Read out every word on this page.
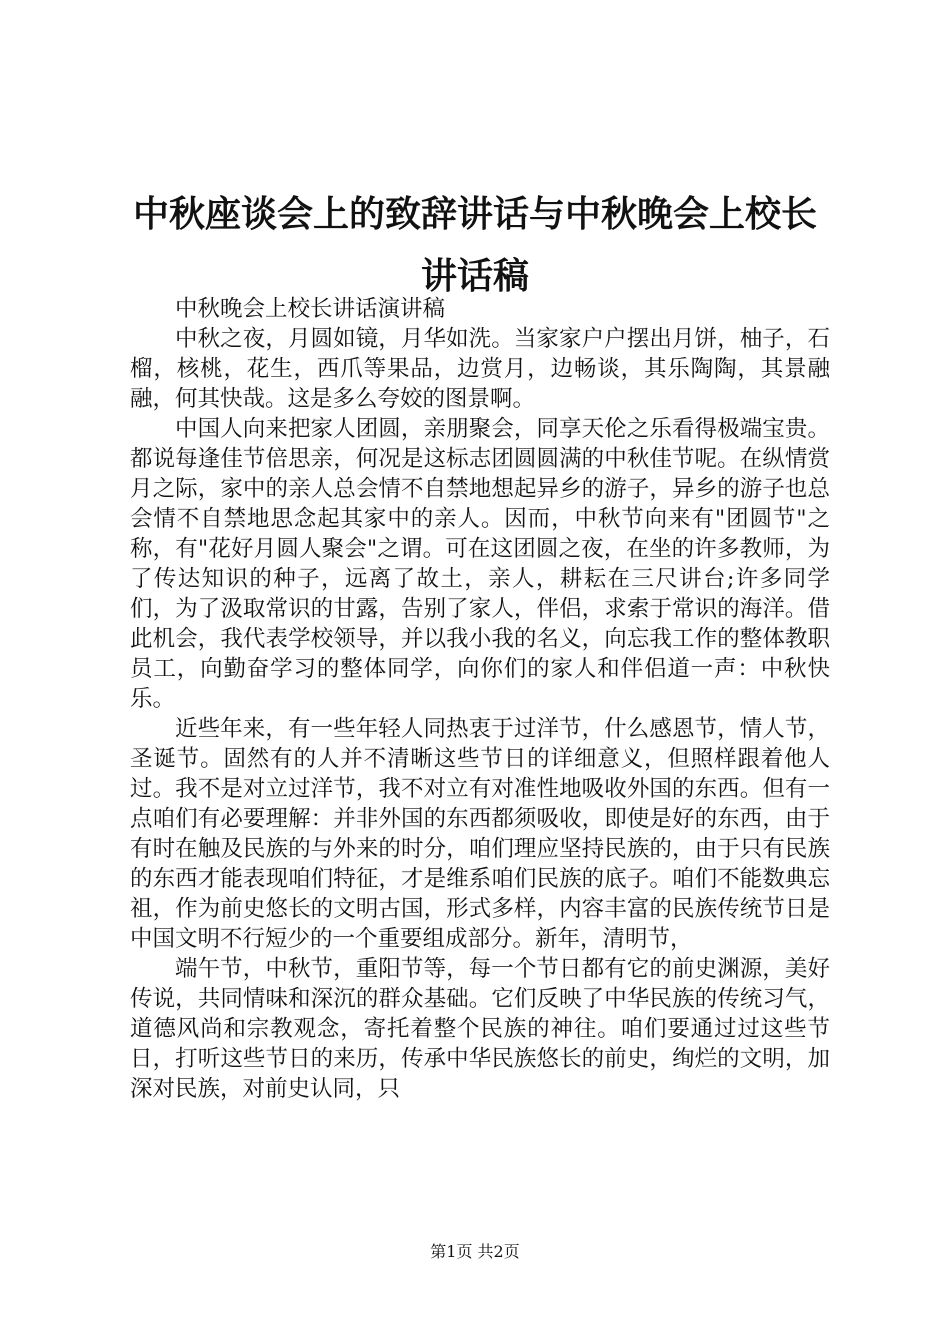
中秋座谈会上的致辞讲话与中秋晚会上校长讲话稿

中秋晚会上校长讲话演讲稿

中秋之夜，月圆如镜，月华如洗。当家家户户摆出月饼，柚子，石榴，核桃，花生，西爪等果品，边赏月，边畅谈，其乐陶陶，其景融融，何其快哉。这是多么夸姣的图景啊。

中国人向来把家人团圆，亲朋聚会，同享天伦之乐看得极端宝贵。都说每逢佳节倍思亲，何况是这标志团圆圆满的中秋佳节呢。在纵情赏月之际，家中的亲人总会情不自禁地想起异乡的游子，异乡的游子也总会情不自禁地思念起其家中的亲人。因而，中秋节向来有"团圆节"之称，有"花好月圆人聚会"之谓。可在这团圆之夜，在坐的许多教师，为了传达知识的种子，远离了故土，亲人，耕耘在三尺讲台;许多同学们，为了汲取常识的甘露，告别了家人，伴侣，求索于常识的海洋。借此机会，我代表学校领导，并以我小我的名义，向忘我工作的整体教职员工，向勤奋学习的整体同学，向你们的家人和伴侣道一声：中秋快乐。

近些年来，有一些年轻人同热衷于过洋节，什么感恩节，情人节，圣诞节。固然有的人并不清晰这些节日的详细意义，但照样跟着他人过。我不是对立过洋节，我不对立有对准性地吸收外国的东西。但有一点咱们有必要理解：并非外国的东西都须吸收，即使是好的东西，由于有时在触及民族的与外来的时分，咱们理应坚持民族的，由于只有民族的东西才能表现咱们特征，才是维系咱们民族的底子。咱们不能数典忘祖，作为前史悠长的文明古国，形式多样，内容丰富的民族传统节日是中国文明不行短少的一个重要组成部分。新年，清明节，

端午节，中秋节，重阳节等，每一个节日都有它的前史渊源，美好传说，共同情味和深沉的群众基础。它们反映了中华民族的传统习气，道德风尚和宗教观念，寄托着整个民族的神往。咱们要通过过这些节日，打听这些节日的来历，传承中华民族悠长的前史，绚烂的文明，加深对民族，对前史认同，只

第1页 共2页
